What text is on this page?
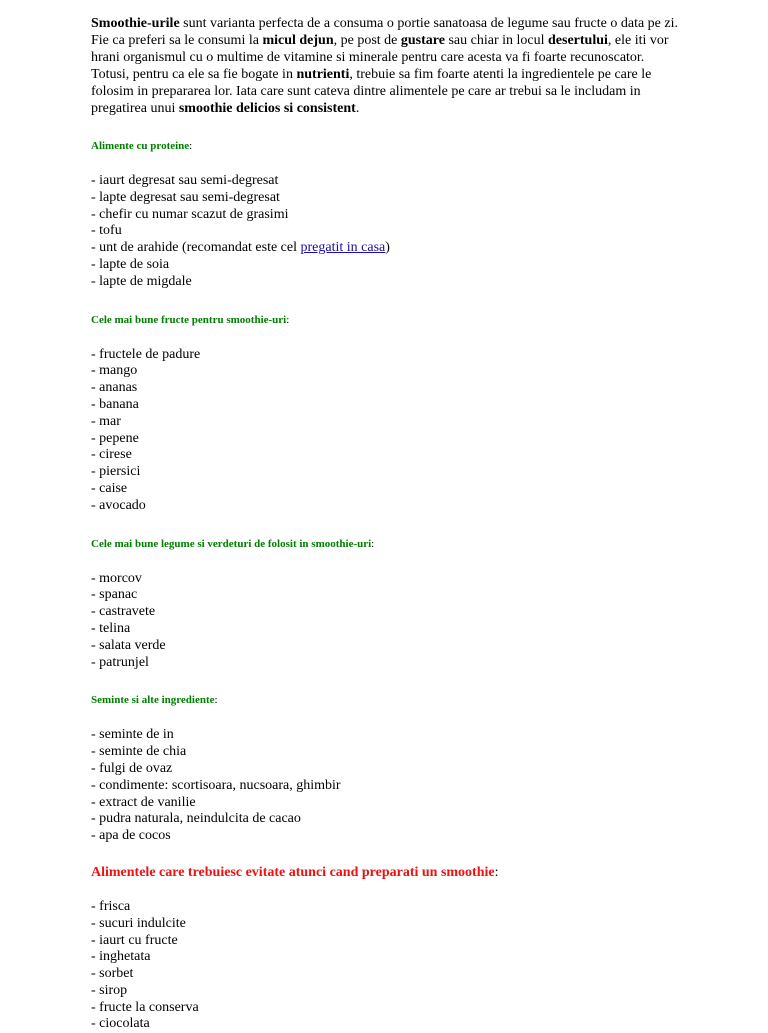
Smoothie-urile sunt varianta perfecta de a consuma o portie sanatoasa de legume sau fructe o data pe zi. Fie ca preferi sa le consumi la micul dejun, pe post de gustare sau chiar in locul desertului, ele iti vor hrani organismul cu o multime de vitamine si minerale pentru care acesta va fi foarte recunoscator. Totusi, pentru ca ele sa fie bogate in nutrienti, trebuie sa fim foarte atenti la ingredientele pe care le folosim in prepararea lor. Iata care sunt cateva dintre alimentele pe care ar trebui sa le includam in pregatirea unui smoothie delicios si consistent.

Alimente cu proteine:

- iaurt degresat sau semi-degresat
- lapte degresat sau semi-degresat
- chefir cu numar scazut de grasimi
- tofu
- unt de arahide (recomandat este cel pregatit in casa)
- lapte de soia
- lapte de migdale

Cele mai bune fructe pentru smoothie-uri:

- fructele de padure
- mango
- ananas
- banana
- mar
- pepene
- cirese
- piersici
- caise
- avocado

Cele mai bune legume si verdeturi de folosit in smoothie-uri:

- morcov
- spanac
- castravete
- telina
- salata verde
- patrunjel

Seminte si alte ingrediente:

- seminte de in
- seminte de chia
- fulgi de ovaz
- condimente: scortisoara, nucsoara, ghimbir
- extract de vanilie
- pudra naturala, neindulcita de cacao
- apa de cocos

Alimentele care trebuiesc evitate atunci cand preparati un smoothie:

- frisca
- sucuri indulcite
- iaurt cu fructe
- inghetata
- sorbet
- sirop
- fructe la conserva
- ciocolata
